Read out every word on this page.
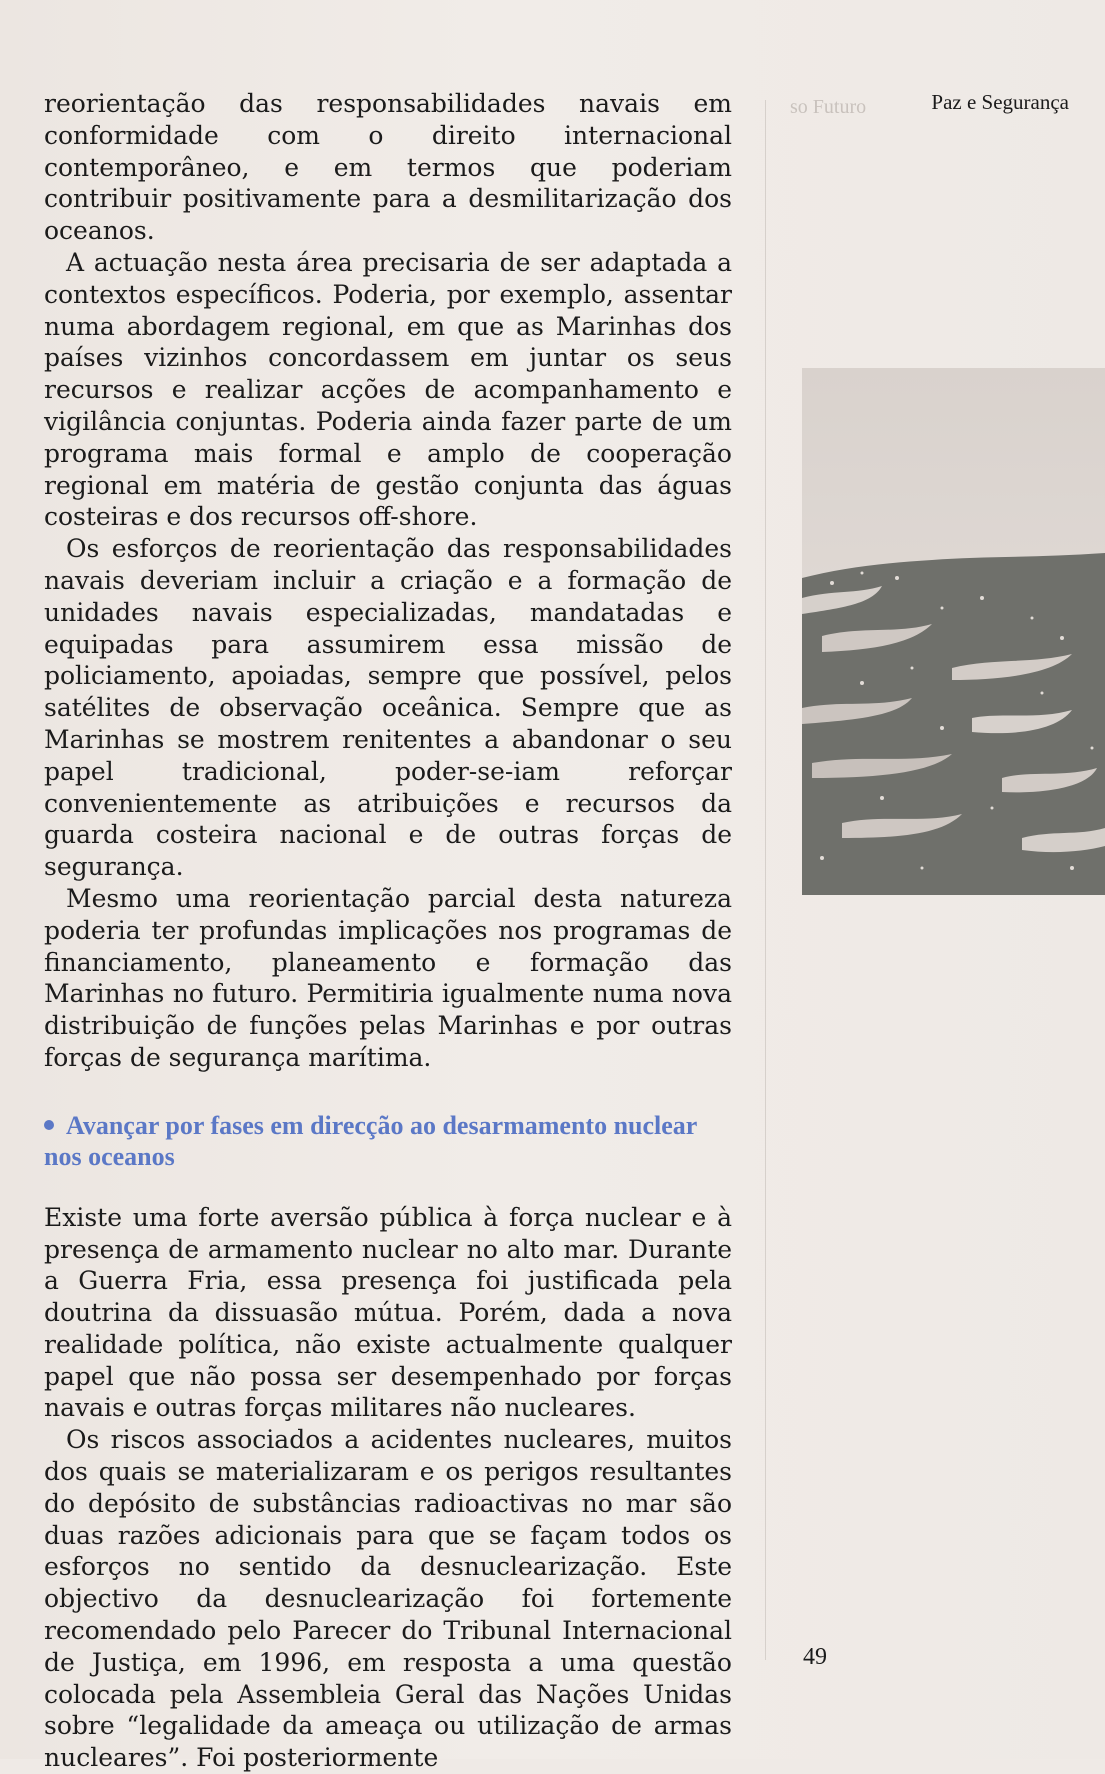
so Futuro	Paz e Segurança

reorientação das responsabilidades navais em conformidade com o direito internacional contemporâneo, e em termos que poderiam contribuir positivamente para a desmilitarização dos oceanos.

A actuação nesta área precisaria de ser adaptada a contextos específicos. Poderia, por exemplo, assentar numa abordagem regional, em que as Marinhas dos países vizinhos concordassem em juntar os seus recursos e realizar acções de acompanhamento e vigilância conjuntas. Poderia ainda fazer parte de um programa mais formal e amplo de cooperação regional em matéria de gestão conjunta das águas costeiras e dos recursos off-shore.

Os esforços de reorientação das responsabilidades navais deveriam incluir a criação e a formação de unidades navais especializadas, mandatadas e equipadas para assumirem essa missão de policiamento, apoiadas, sempre que possível, pelos satélites de observação oceânica. Sempre que as Marinhas se mostrem renitentes a abandonar o seu papel tradicional, poder-se-iam reforçar convenientemente as atribuições e recursos da guarda costeira nacional e de outras forças de segurança.

Mesmo uma reorientação parcial desta natureza poderia ter profundas implicações nos programas de financiamento, planeamento e formação das Marinhas no futuro. Permitiria igualmente numa nova distribuição de funções pelas Marinhas e por outras forças de segurança marítima.

Avançar por fases em direcção ao desarmamento nuclear nos oceanos

Existe uma forte aversão pública à força nuclear e à presença de armamento nuclear no alto mar. Durante a Guerra Fria, essa presença foi justificada pela doutrina da dissuasão mútua. Porém, dada a nova realidade política, não existe actualmente qualquer papel que não possa ser desempenhado por forças navais e outras forças militares não nucleares.

Os riscos associados a acidentes nucleares, muitos dos quais se materializaram e os perigos resultantes do depósito de substâncias radioactivas no mar são duas razões adicionais para que se façam todos os esforços no sentido da desnuclearização. Este objectivo da desnuclearização foi fortemente recomendado pelo Parecer do Tribunal Internacional de Justiça, em 1996, em resposta a uma questão colocada pela Assembleia Geral das Nações Unidas sobre “legalidade da ameaça ou utilização de armas nucleares”. Foi posteriormente

49
